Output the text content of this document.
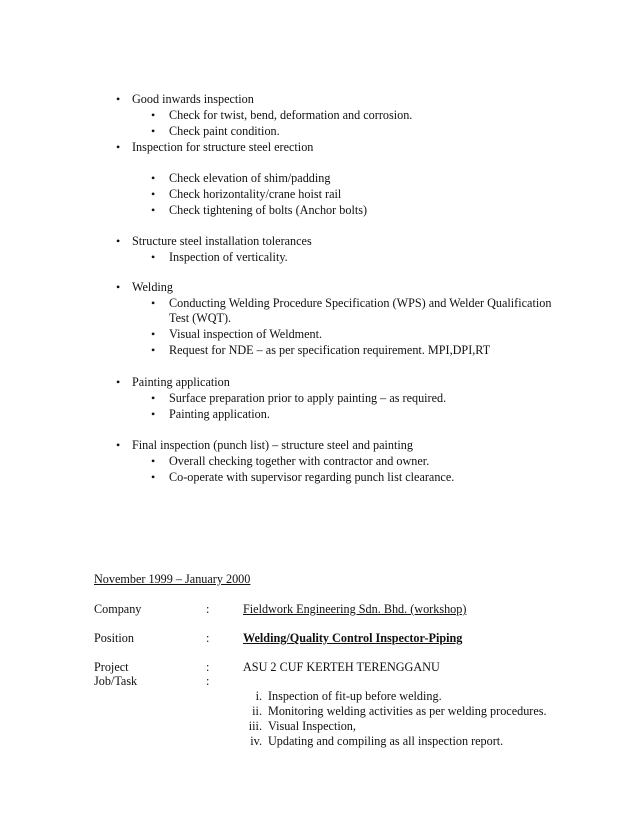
• Good inwards inspection
• Check for twist, bend, deformation and corrosion.
• Check paint condition.
• Inspection for structure steel erection
• Check elevation of shim/padding
• Check horizontality/crane hoist rail
• Check tightening of bolts (Anchor bolts)
• Structure steel installation tolerances
• Inspection of verticality.
• Welding
• Conducting Welding Procedure Specification (WPS) and Welder Qualification
Test (WQT).
• Visual inspection of Weldment.
• Request for NDE – as per specification requirement. MPI,DPI,RT
• Painting application
• Surface preparation prior to apply painting – as required.
• Painting application.
• Final inspection (punch list) – structure steel and painting
• Overall checking together with contractor and owner.
• Co-operate with supervisor regarding punch list clearance.
November 1999 – January 2000
Company	:	Fieldwork Engineering Sdn. Bhd. (workshop)
Position	:	Welding/Quality Control Inspector-Piping
Project	:	ASU 2 CUF KERTEH TERENGGANU
Job/Task	:
i. Inspection of fit-up before welding.
ii. Monitoring welding activities as per welding procedures.
iii. Visual Inspection,
iv. Updating and compiling as all inspection report.
